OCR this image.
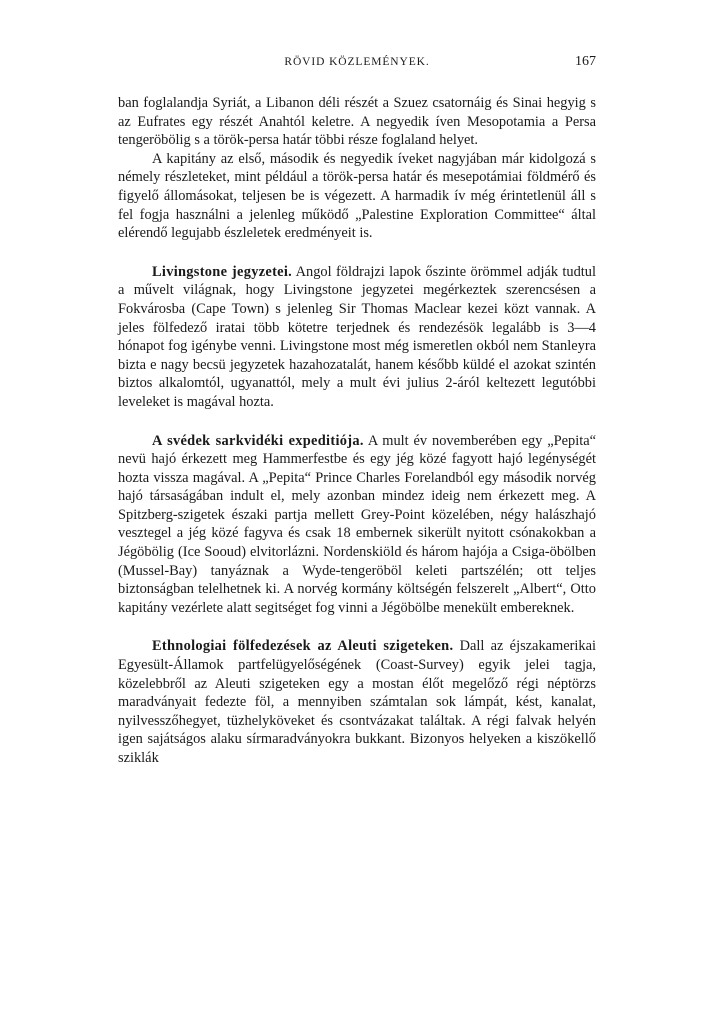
RÖVID KÖZLEMÉNYEK.	167

ban foglalandja Syriát, a Libanon déli részét a Szuez csatornáig és Sinai hegyig s az Eufrates egy részét Anahtól keletre. A negyedik íven Mesopotamia a Persa tengeröbölig s a török-persa határ többi része foglaland helyet.

A kapitány az első, második és negyedik íveket nagyjában már kidolgozá s némely részleteket, mint például a török-persa határ és mesepotámiai földmérő és figyelő állomásokat, teljesen be is végezett. A harmadik ív még érintetlenül áll s fel fogja használni a jelenleg működő „Palestine Exploration Committee“ által elérendő legujabb észleletek eredményeit is.

Livingstone jegyzetei. Angol földrajzi lapok őszinte örömmel adják tudtul a művelt világnak, hogy Livingstone jegyzetei megérkeztek szerencsésen a Fokvárosba (Cape Town) s jelenleg Sir Thomas Maclear kezei közt vannak. A jeles fölfedező iratai több kötetre terjednek és rendezésök legalább is 3—4 hónapot fog igénybe venni. Livingstone most még ismeretlen okból nem Stanleyra bizta e nagy becsü jegyzetek hazahozatalát, hanem később küldé el azokat szintén biztos alkalomtól, ugyanattól, mely a mult évi julius 2-áról keltezett legutóbbi leveleket is magával hozta.

A svédek sarkvidéki expeditiója. A mult év novemberében egy „Pepita“ nevü hajó érkezett meg Hammerfestbe és egy jég közé fagyott hajó legénységét hozta vissza magával. A „Pepita“ Prince Charles Forelandból egy második norvég hajó társaságában indult el, mely azonban mindez ideig nem érkezett meg. A Spitzberg-szigetek északi partja mellett Grey-Point közelében, négy halászhajó vesztegel a jég közé fagyva és csak 18 embernek sikerült nyitott csónakokban a Jégöbölig (Ice Sooud) elvitorlázni. Nordenskiöld és három hajója a Csiga-öbölben (Mussel-Bay) tanyáznak a Wyde-tengeröböl keleti partszélén; ott teljes biztonságban telelhetnek ki. A norvég kormány költségén felszerelt „Albert“, Otto kapitány vezérlete alatt segitséget fog vinni a Jégöbölbe menekült embereknek.

Ethnologiai fölfedezések az Aleuti szigeteken. Dall az éjszakamerikai Egyesült-Államok partfelügyelőségének (Coast-Survey) egyik jelei tagja, közelebbről az Aleuti szigeteken egy a mostan élőt megelőző régi néptörzs maradványait fedezte föl, a mennyiben számtalan sok lámpát, kést, kanalat, nyilvesszőhegyet, tüzhelyköveket és csontvázakat találtak. A régi falvak helyén igen sajátságos alaku sírmaradványokra bukkant. Bizonyos helyeken a kiszökellő sziklák
